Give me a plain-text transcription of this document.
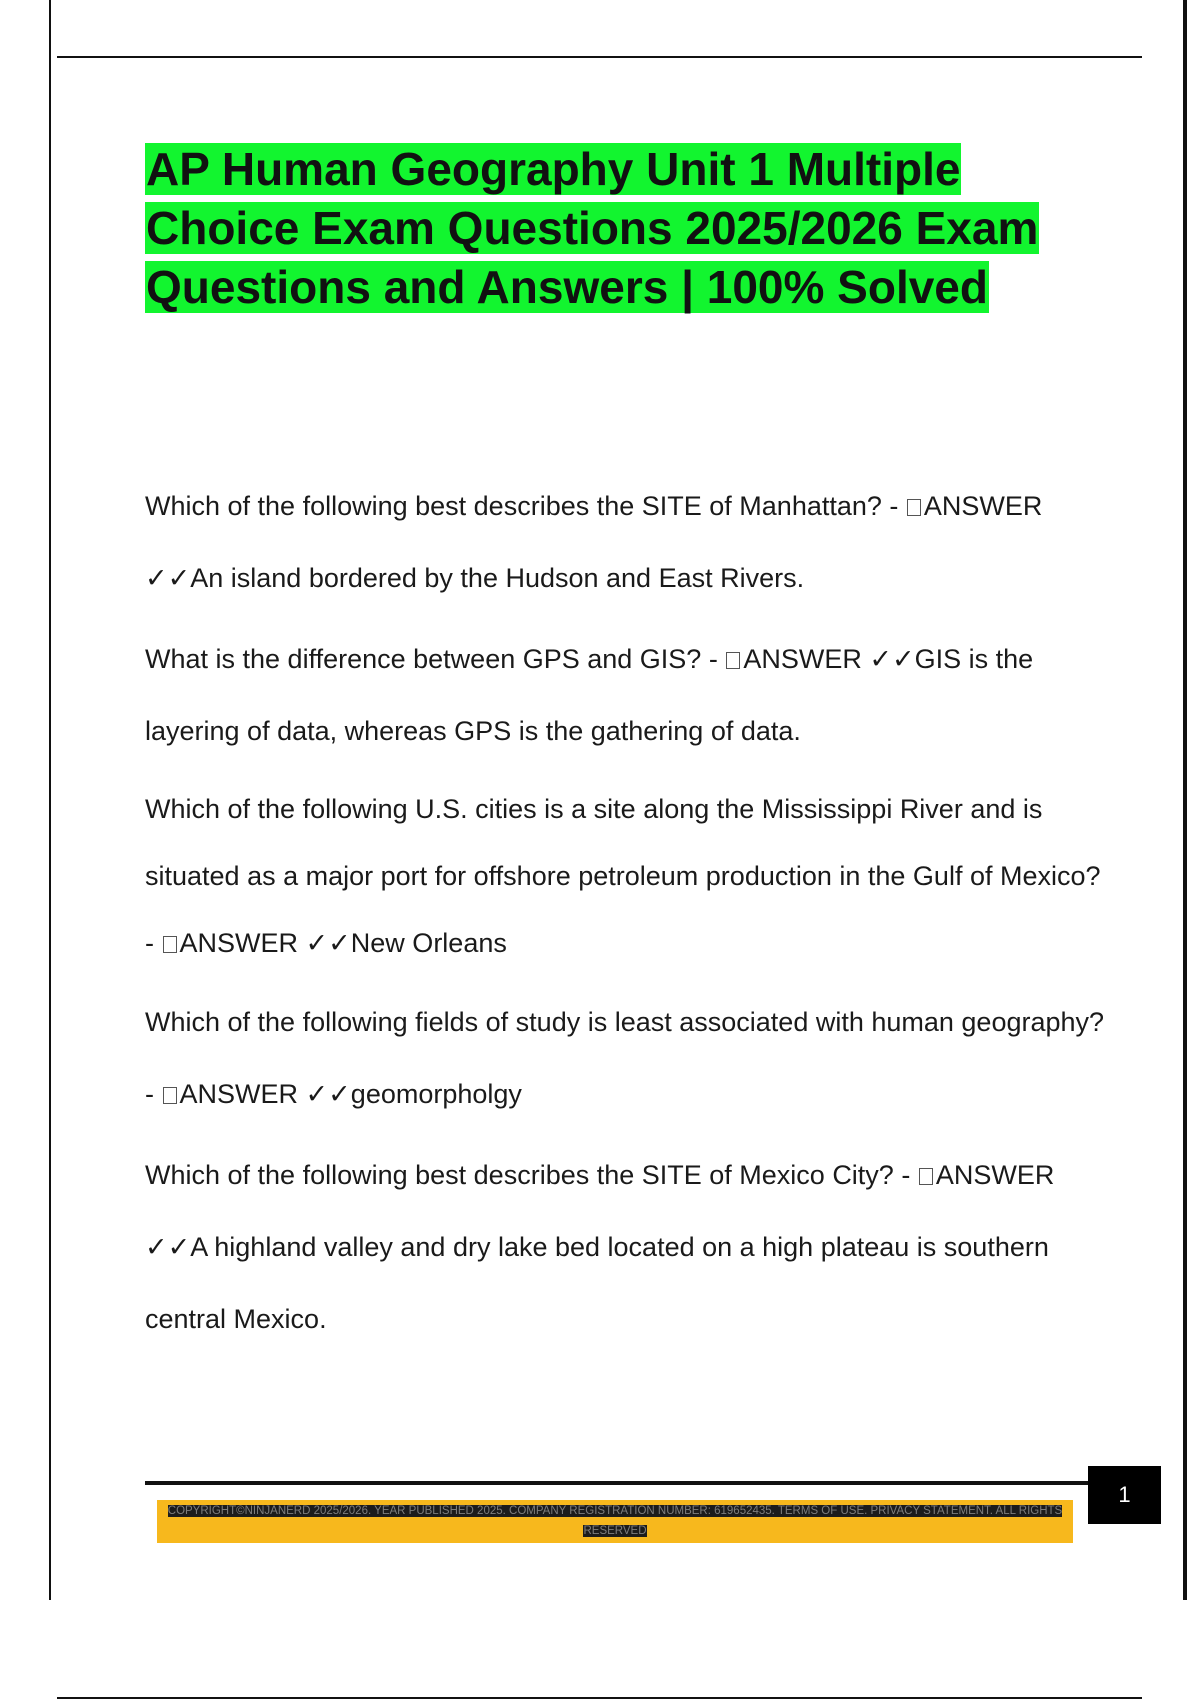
AP Human Geography Unit 1 Multiple Choice Exam Questions 2025/2026 Exam Questions and Answers | 100% Solved
Which of the following best describes the SITE of Manhattan? - ANSWER ✓✓An island bordered by the Hudson and East Rivers.
What is the difference between GPS and GIS? - ANSWER ✓✓GIS is the layering of data, whereas GPS is the gathering of data.
Which of the following U.S. cities is a site along the Mississippi River and is situated as a major port for offshore petroleum production in the Gulf of Mexico? - ANSWER ✓✓New Orleans
Which of the following fields of study is least associated with human geography? - ANSWER ✓✓geomorpholgy
Which of the following best describes the SITE of Mexico City? - ANSWER ✓✓A highland valley and dry lake bed located on a high plateau is southern central Mexico.
1
COPYRIGHT©NINJANERD 2025/2026. YEAR PUBLISHED 2025. COMPANY REGISTRATION NUMBER: 619652435. TERMS OF USE. PRIVACY STATEMENT. ALL RIGHTS RESERVED
